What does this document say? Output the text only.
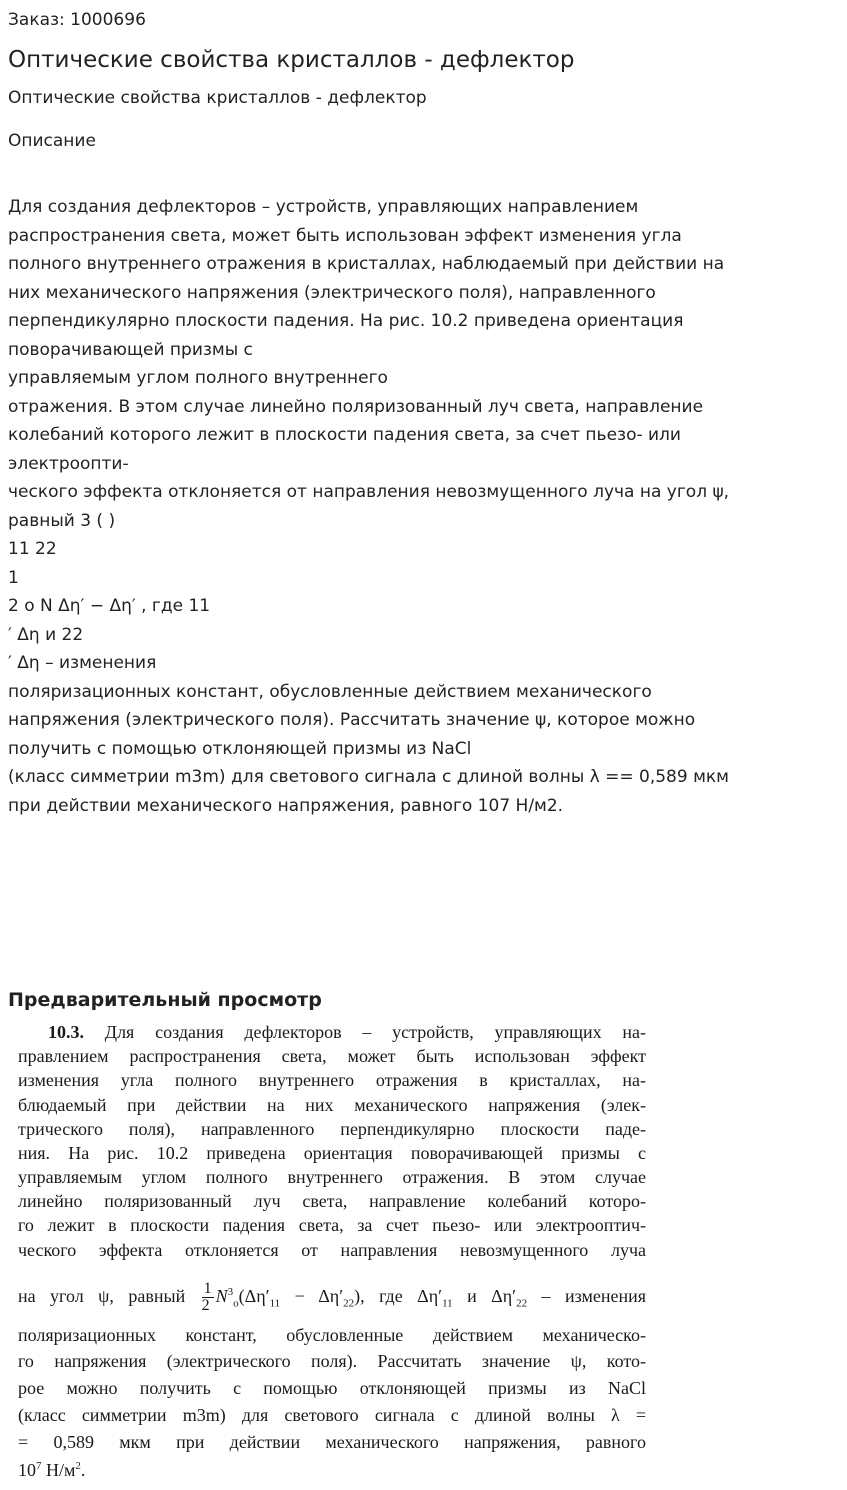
Заказ: 1000696
Оптические свойства кристаллов - дефлектор
Оптические свойства кристаллов - дефлектор
Описание
Для создания дефлекторов – устройств, управляющих направлением
распространения света, может быть использован эффект изменения угла
полного внутреннего отражения в кристаллах, наблюдаемый при действии на
них механического напряжения (электрического поля), направленного
перпендикулярно плоскости падения. На рис. 10.2 приведена ориентация
поворачивающей призмы с
управляемым углом полного внутреннего
отражения. В этом случае линейно поляризованный луч света, направление
колебаний которого лежит в плоскости падения света, за счет пьезо- или
электроопти-
ческого эффекта отклоняется от направления невозмущенного луча на угол ψ,
равный 3 ( )
11 22
1
2 o N Δη′ − Δη′ , где 11
′ Δη и 22
′ Δη – изменения
поляризационных констант, обусловленные действием механического
напряжения (электрического поля). Рассчитать значение ψ, которое можно
получить с помощью отклоняющей призмы из NaCl
(класс симметрии m3m) для светового сигнала с длиной волны λ == 0,589 мкм
при действии механического напряжения, равного 107 Н/м2.
Предварительный просмотр
10.3. Для создания дефлекторов – устройств, управляющих на-
правлением распространения света, может быть использован эффект
изменения угла полного внутреннего отражения в кристаллах, на-
блюдаемый при действии на них механического напряжения (элек-
трического поля), направленного перпендикулярно плоскости паде-
ния. На рис. 10.2 приведена ориентация поворачивающей призмы с
управляемым углом полного внутреннего отражения. В этом случае
линейно поляризованный луч света, направление колебаний которо-
го лежит в плоскости падения света, за счет пьезо- или электрооптич-
ческого эффекта отклоняется от направления невозмущенного луча
на угол ψ, равный $\frac{1}{2} N^3_o(\Delta\eta'_{11} - \Delta\eta'_{22})$, где $\Delta\eta'_{11}$ и $\Delta\eta'_{22}$ – изменения
поляризационных констант, обусловленные действием механическо-
го напряжения (электрического поля). Рассчитать значение ψ, кото-
рое можно получить с помощью отклоняющей призмы из NaCl
(класс симметрии m3m) для светового сигнала с длиной волны λ =
= 0,589 мкм при действии механического напряжения, равного
$10^7$ $Н/м^2$.
